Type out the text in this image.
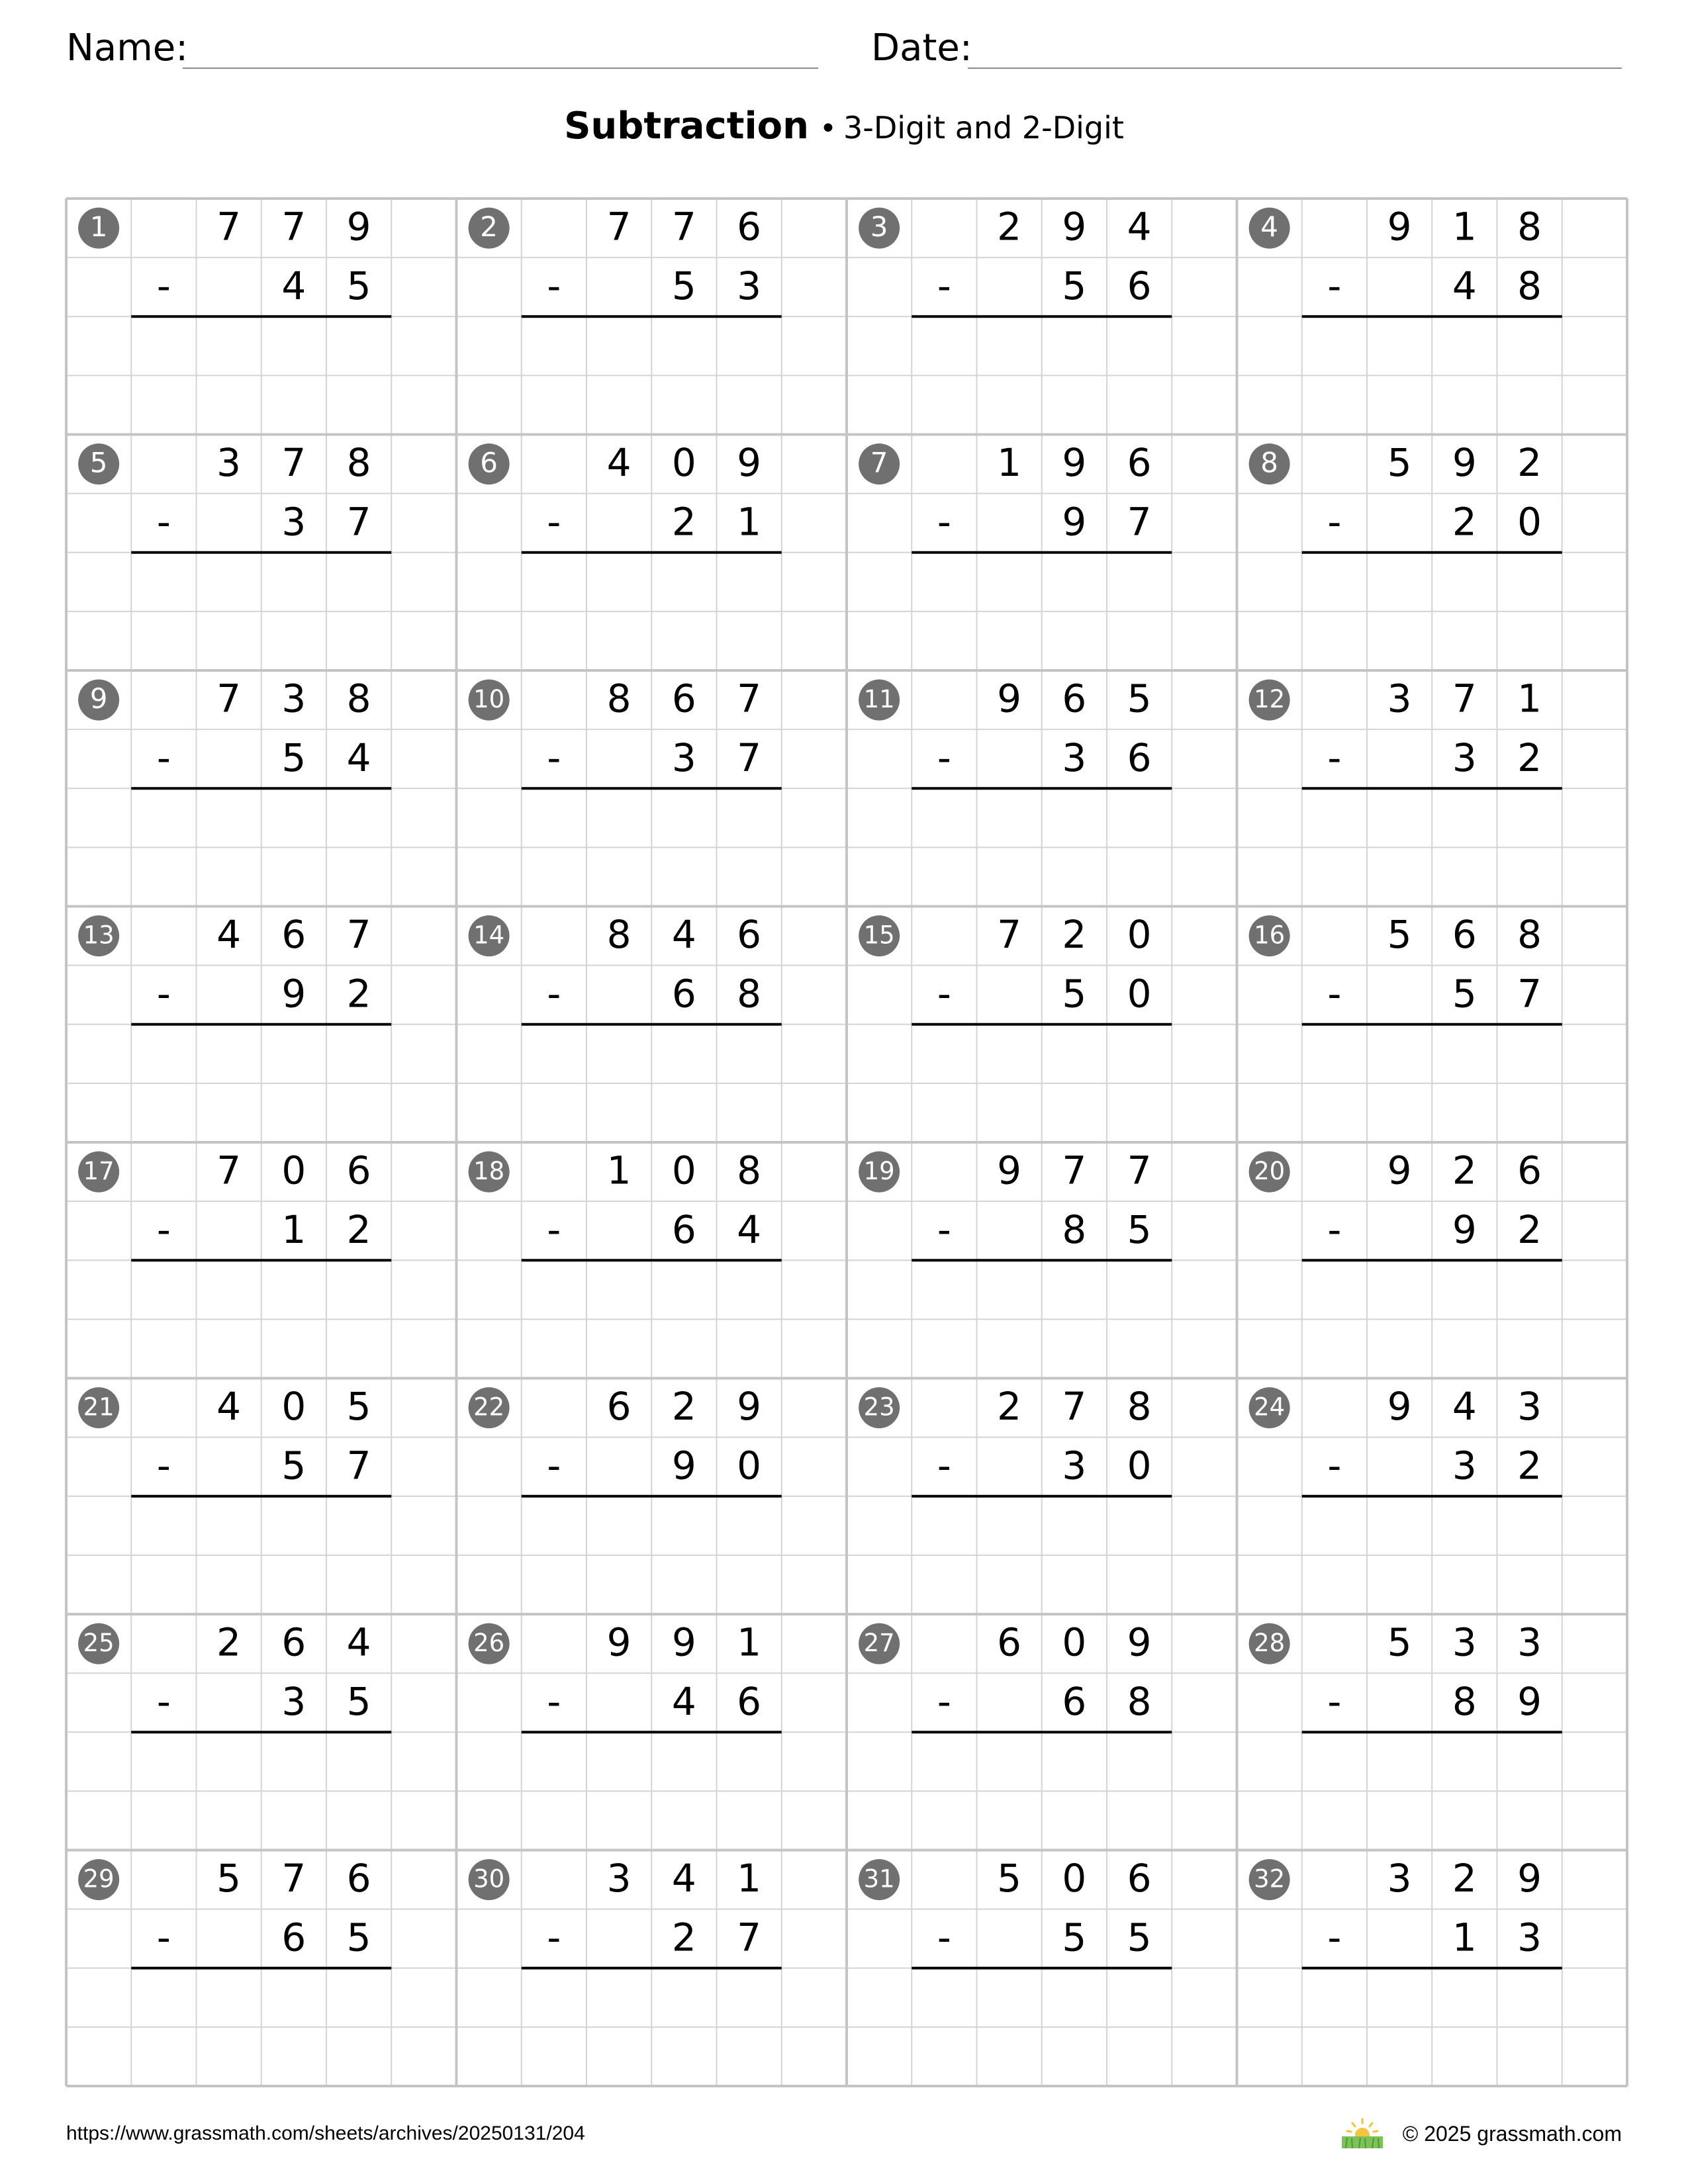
Name:	Date:
Subtraction • 3-Digit and 2-Digit
1	7 7 9
-	4 5
2	7 7 6
-	5 3
3	2 9 4
-	5 6
4	9 1 8
-	4 8
5	3 7 8
-	3 7
6	4 0 9
-	2 1
7	1 9 6
-	9 7
8	5 9 2
-	2 0
9	7 3 8
-	5 4
10	8 6 7
-	3 7
11	9 6 5
-	3 6
12	3 7 1
-	3 2
13	4 6 7
-	9 2
14	8 4 6
-	6 8
15	7 2 0
-	5 0
16	5 6 8
-	5 7
17	7 0 6
-	1 2
18	1 0 8
-	6 4
19	9 7 7
-	8 5
20	9 2 6
-	9 2
21	4 0 5
-	5 7
22	6 2 9
-	9 0
23	2 7 8
-	3 0
24	9 4 3
-	3 2
25	2 6 4
-	3 5
26	9 9 1
-	4 6
27	6 0 9
-	6 8
28	5 3 3
-	8 9
29	5 7 6
-	6 5
30	3 4 1
-	2 7
31	5 0 6
-	5 5
32	3 2 9
-	1 3
https://www.grassmath.com/sheets/archives/20250131/204	© 2025 grassmath.com
